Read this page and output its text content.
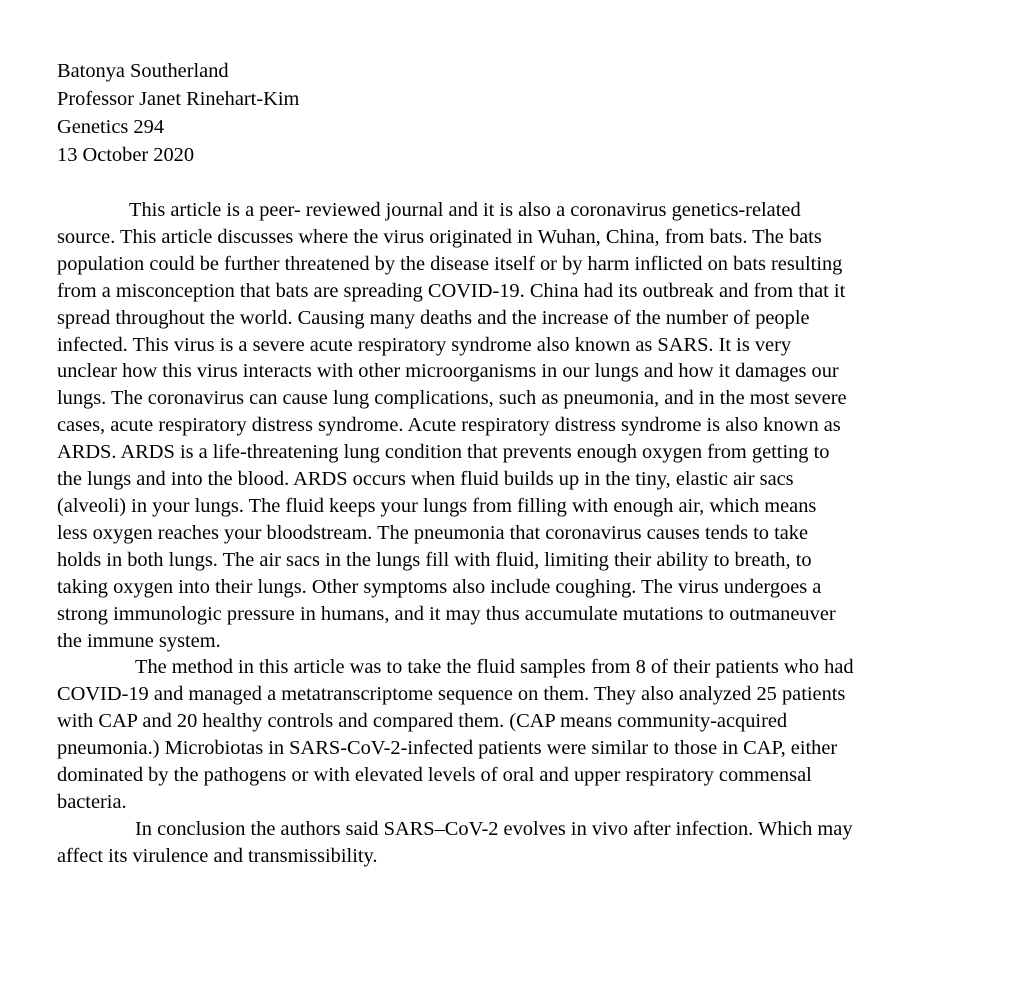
Batonya Southerland
Professor Janet Rinehart-Kim
Genetics 294
13 October 2020
This article is a peer- reviewed journal and it is also a coronavirus genetics-related
source. This article discusses where the virus originated in Wuhan, China, from bats. The bats
population could be further threatened by the disease itself or by harm inflicted on bats resulting
from a misconception that bats are spreading COVID-19. China had its outbreak and from that it
spread throughout the world. Causing many deaths and the increase of the number of people
infected. This virus is a severe acute respiratory syndrome also known as SARS. It is very
unclear how this virus interacts with other microorganisms in our lungs and how it damages our
lungs. The coronavirus can cause lung complications, such as pneumonia, and in the most severe
cases, acute respiratory distress syndrome. Acute respiratory distress syndrome is also known as
ARDS. ARDS is a life-threatening lung condition that prevents enough oxygen from getting to
the lungs and into the blood. ARDS occurs when fluid builds up in the tiny, elastic air sacs
(alveoli) in your lungs. The fluid keeps your lungs from filling with enough air, which means
less oxygen reaches your bloodstream. The pneumonia that coronavirus causes tends to take
holds in both lungs. The air sacs in the lungs fill with fluid, limiting their ability to breath, to
taking oxygen into their lungs. Other symptoms also include coughing. The virus undergoes a
strong immunologic pressure in humans, and it may thus accumulate mutations to outmaneuver
the immune system.
The method in this article was to take the fluid samples from 8 of their patients who had
COVID-19 and managed a metatranscriptome sequence on them. They also analyzed 25 patients
with CAP and 20 healthy controls and compared them. (CAP means community-acquired
pneumonia.) Microbiotas in SARS-CoV-2-infected patients were similar to those in CAP, either
dominated by the pathogens or with elevated levels of oral and upper respiratory commensal
bacteria.
In conclusion the authors said SARS–CoV-2 evolves in vivo after infection. Which may
affect its virulence and transmissibility.
